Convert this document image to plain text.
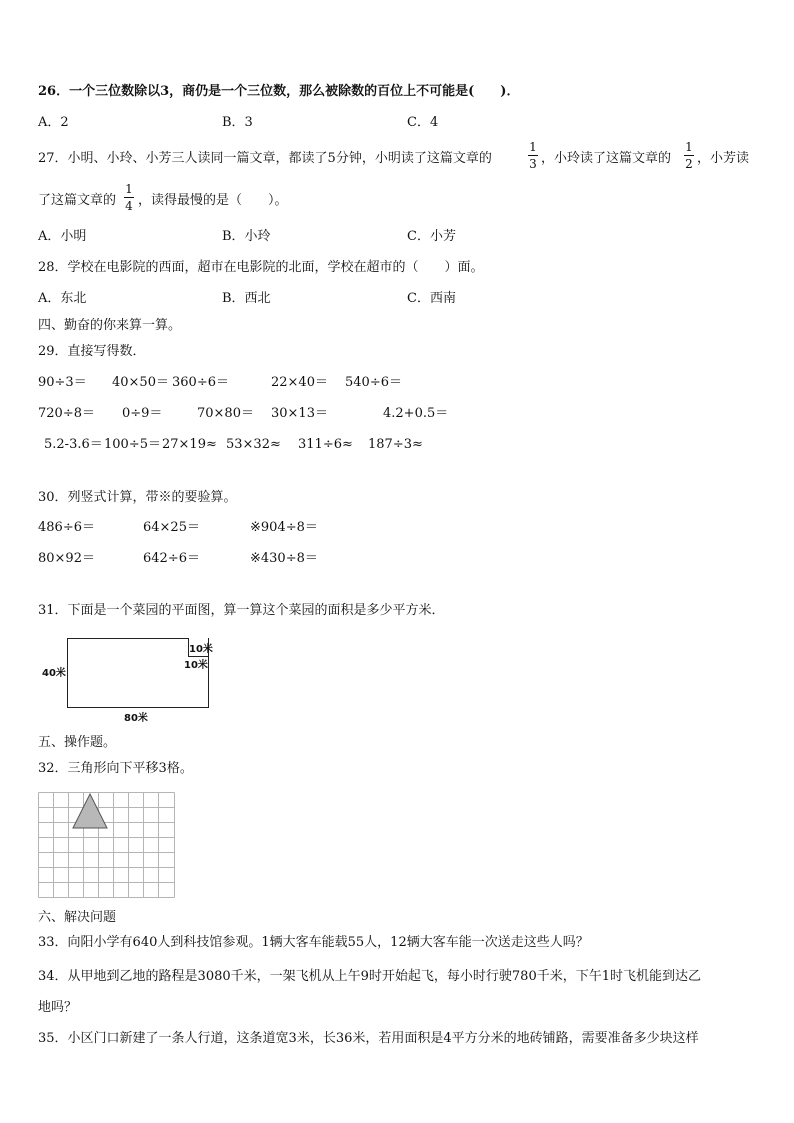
26．一个三位数除以3，商仍是一个三位数，那么被除数的百位上不可能是(　　)．
A．2	B．3	C．4
27．小明、小玲、小芳三人读同一篇文章，都读了5分钟，小明读了这篇文章的
1
3 ，小玲读了这篇文章的
1
2 ，小芳读
了这篇文章的
1
4 ，读得最慢的是（　　）。
A．小明	B．小玲	C．小芳
28．学校在电影院的西面，超市在电影院的北面，学校在超市的（　　）面。
A．东北	B．西北	C．西南
四、勤奋的你来算一算。
29．直接写得数．
90÷3＝ 40×50＝ 360÷6＝	22×40＝ 540÷6＝
720÷8＝ 0÷9＝	70×80＝ 30×13＝	4.2+0.5＝
5.2-3.6＝ 100÷5＝ 27×19≈ 53×32≈ 311÷6≈ 187÷3≈
30．列竖式计算，带※的要验算。
486÷6＝	64×25＝	※904÷8＝
80×92＝	642÷6＝	※430÷8＝
31．下面是一个菜园的平面图，算一算这个菜园的面积是多少平方米．
40米
80米
10米
10米
五、操作题。
32．三角形向下平移3格。
六、解决问题
33．向阳小学有640人到科技馆参观。1辆大客车能载55人，12辆大客车能一次送走这些人吗？
34．从甲地到乙地的路程是3080千米，一架飞机从上午9时开始起飞，每小时行驶780千米，下午1时飞机能到达乙
地吗？
35．小区门口新建了一条人行道，这条道宽3米，长36米，若用面积是4平方分米的地砖铺路，需要准备多少块这样
